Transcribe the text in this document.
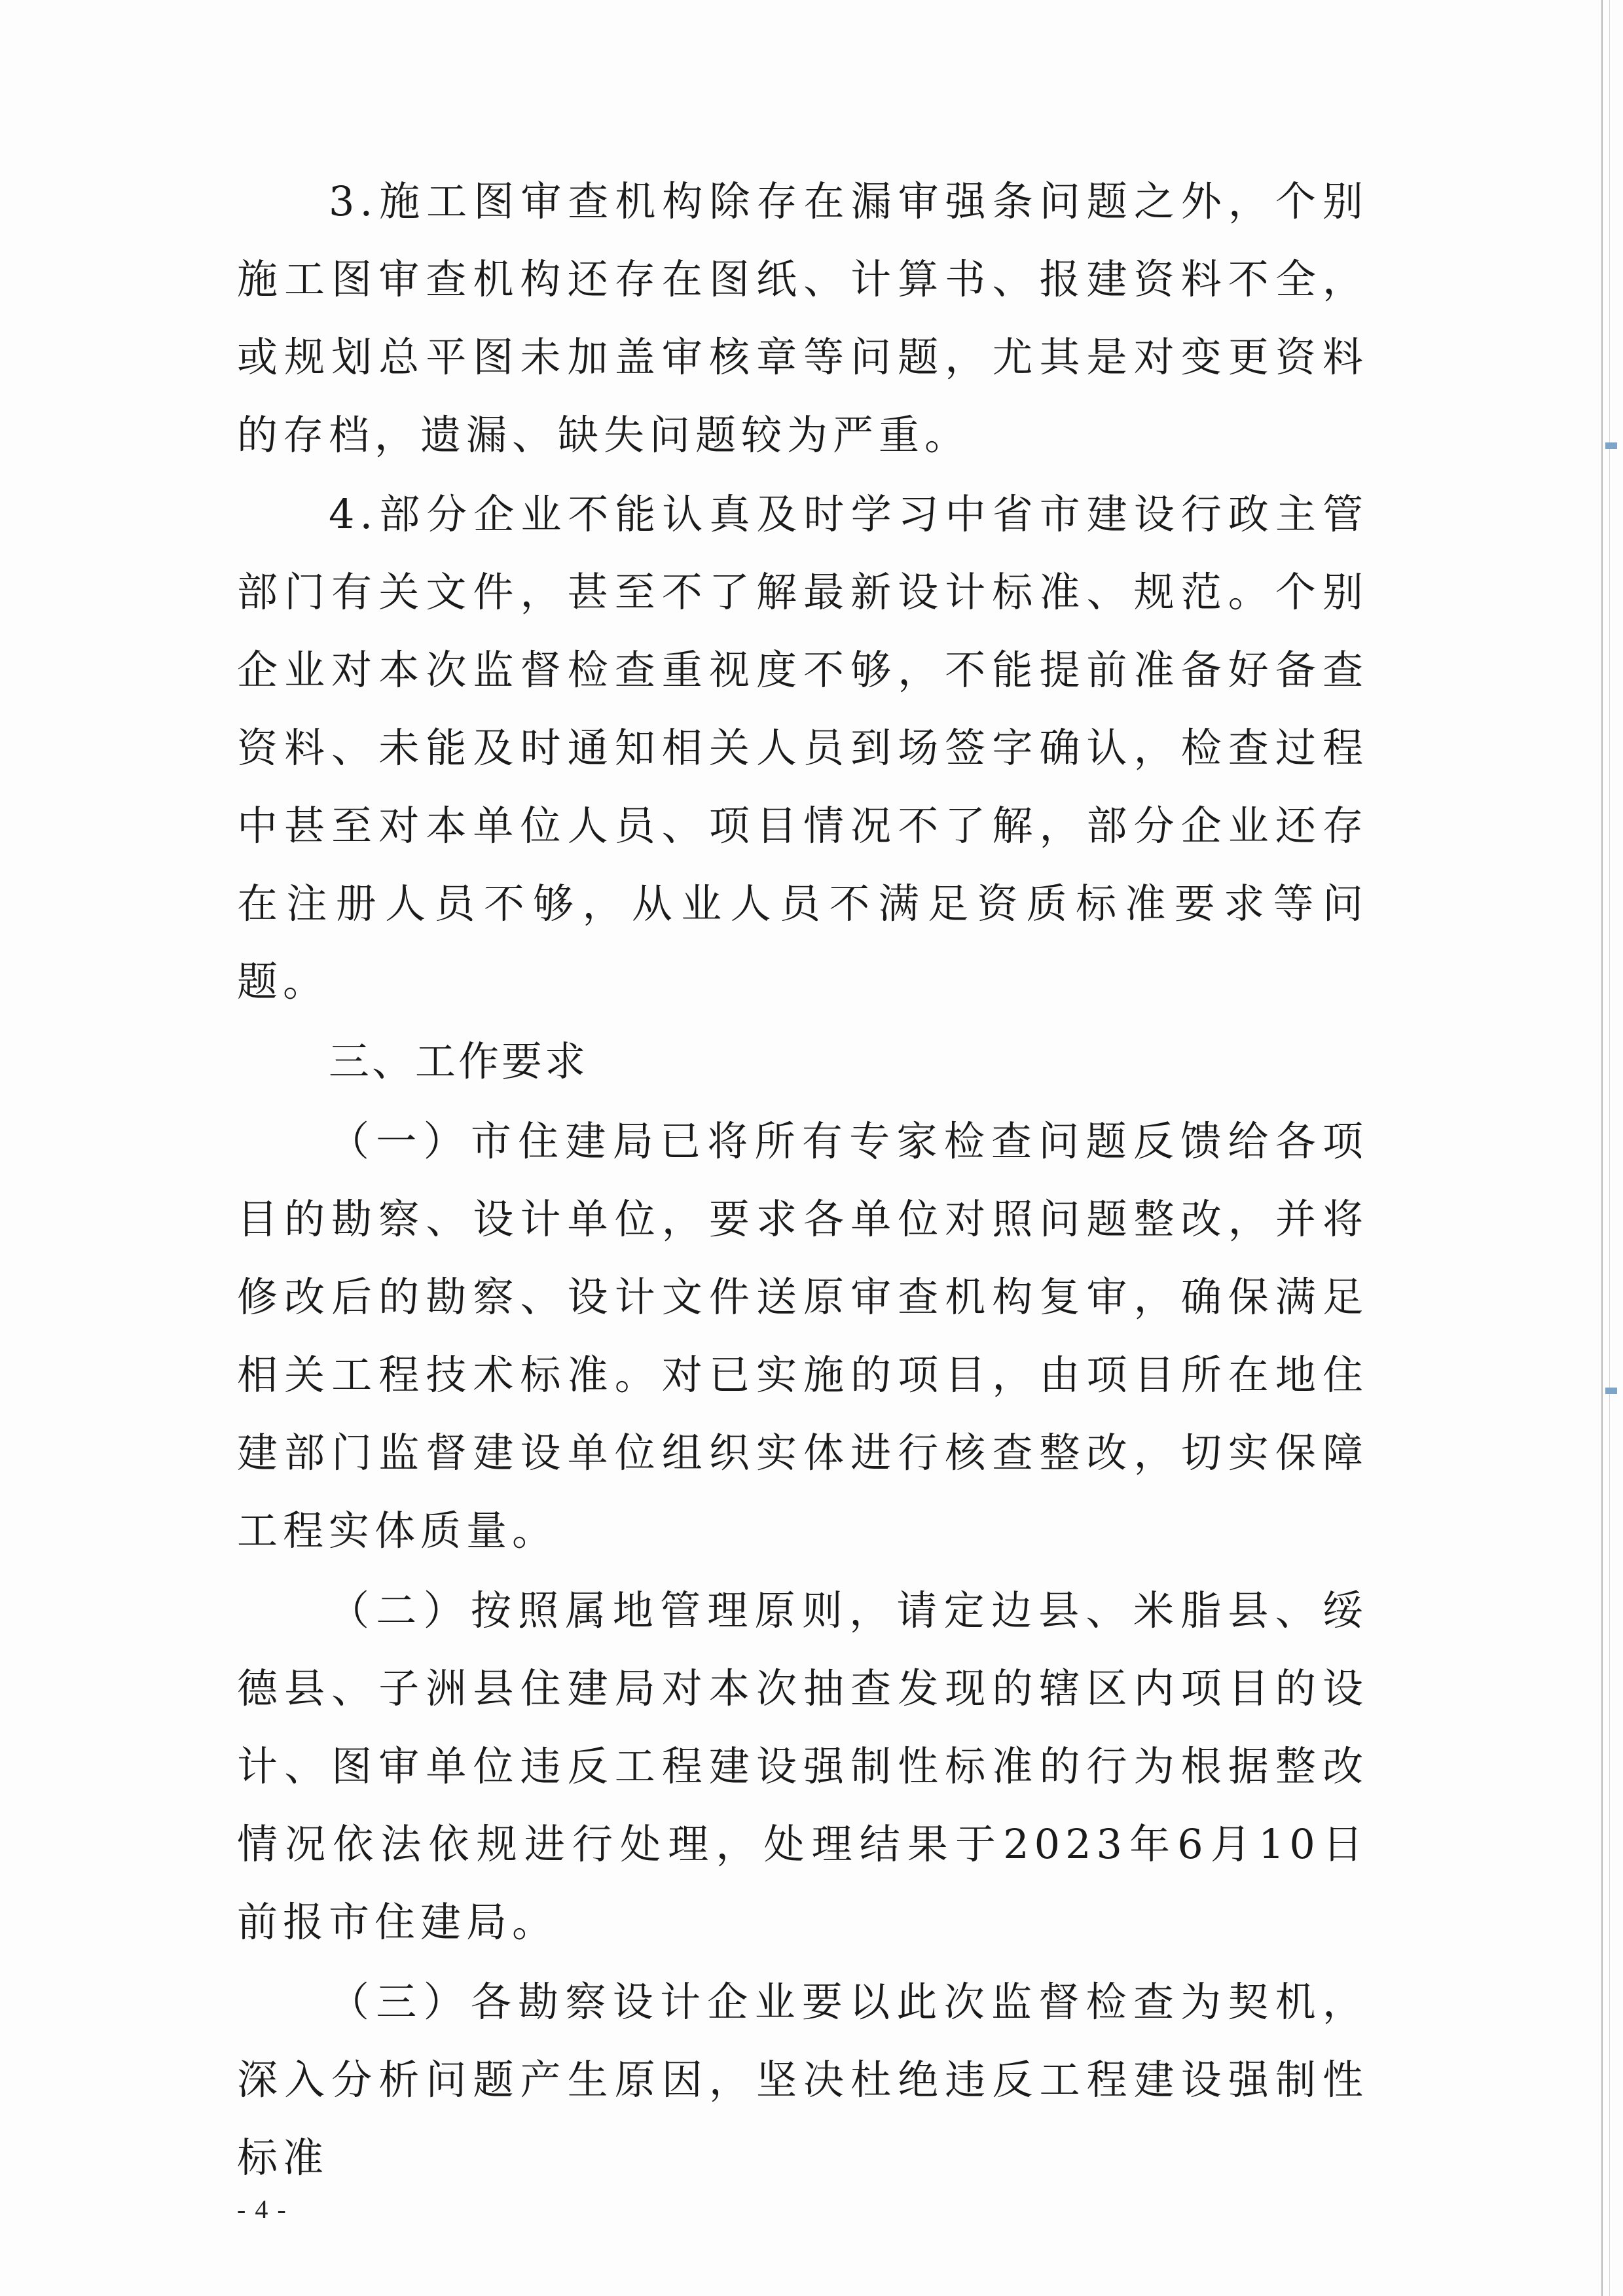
3.施工图审查机构除存在漏审强条问题之外，个别施工图审查机构还存在图纸、计算书、报建资料不全，或规划总平图未加盖审核章等问题，尤其是对变更资料的存档，遗漏、缺失问题较为严重。

4.部分企业不能认真及时学习中省市建设行政主管部门有关文件，甚至不了解最新设计标准、规范。个别企业对本次监督检查重视度不够，不能提前准备好备查资料、未能及时通知相关人员到场签字确认，检查过程中甚至对本单位人员、项目情况不了解，部分企业还存在注册人员不够，从业人员不满足资质标准要求等问题。

三、工作要求

（一）市住建局已将所有专家检查问题反馈给各项目的勘察、设计单位，要求各单位对照问题整改，并将修改后的勘察、设计文件送原审查机构复审，确保满足相关工程技术标准。对已实施的项目，由项目所在地住建部门监督建设单位组织实体进行核查整改，切实保障工程实体质量。

（二）按照属地管理原则，请定边县、米脂县、绥德县、子洲县住建局对本次抽查发现的辖区内项目的设计、图审单位违反工程建设强制性标准的行为根据整改情况依法依规进行处理，处理结果于2023年6月10日前报市住建局。

（三）各勘察设计企业要以此次监督检查为契机，深入分析问题产生原因，坚决杜绝违反工程建设强制性标准

- 4 -
